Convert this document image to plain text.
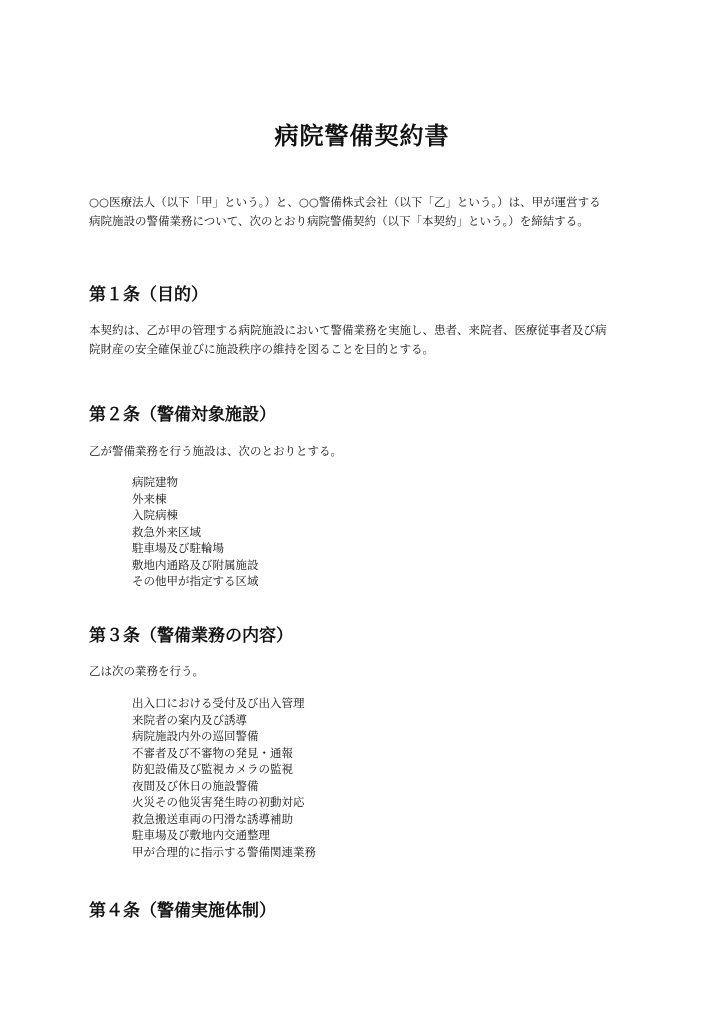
病院警備契約書
○○医療法人（以下「甲」という。）と、○○警備株式会社（以下「乙」という。）は、甲が運営する
病院施設の警備業務について、次のとおり病院警備契約（以下「本契約」という。）を締結する。
第１条（目的）
本契約は、乙が甲の管理する病院施設において警備業務を実施し、患者、来院者、医療従事者及び病
院財産の安全確保並びに施設秩序の維持を図ることを目的とする。
第２条（警備対象施設）
乙が警備業務を行う施設は、次のとおりとする。
病院建物
外来棟
入院病棟
救急外来区域
駐車場及び駐輪場
敷地内通路及び附属施設
その他甲が指定する区域
第３条（警備業務の内容）
乙は次の業務を行う。
出入口における受付及び出入管理
来院者の案内及び誘導
病院施設内外の巡回警備
不審者及び不審物の発見・通報
防犯設備及び監視カメラの監視
夜間及び休日の施設警備
火災その他災害発生時の初動対応
救急搬送車両の円滑な誘導補助
駐車場及び敷地内交通整理
甲が合理的に指示する警備関連業務
第４条（警備実施体制）
